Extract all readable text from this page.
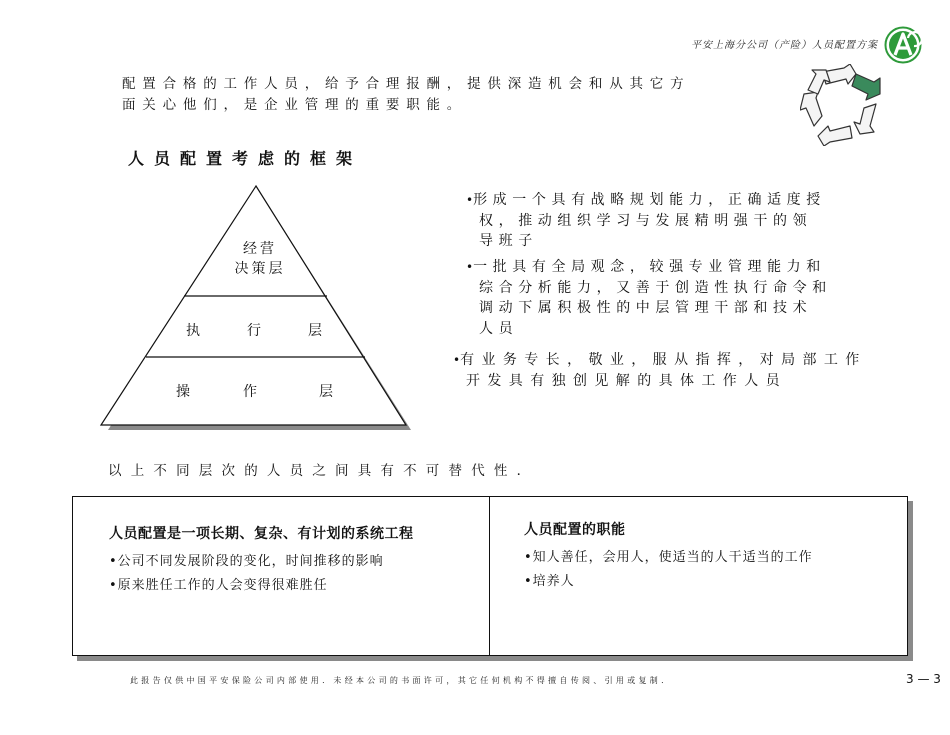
平安上海分公司（产险）人员配置方案
配置合格的工作人员，给予合理报酬，提供深造机会和从其它方
面关心他们，是企业管理的重要职能。
人员配置考虑的框架
经营
决策层
执	行	层
操	作	层
•形成一个具有战略规划能力，正确适度授
权，推动组织学习与发展精明强干的领
导班子
•一批具有全局观念，较强专业管理能力和
综合分析能力，又善于创造性执行命令和
调动下属积极性的中层管理干部和技术
人员
•有业务专长，敬业，服从指挥，对局部工作
开发具有独创见解的具体工作人员
以上不同层次的人员之间具有不可替代性．
人员配置是一项长期、复杂、有计划的系统工程
•公司不同发展阶段的变化，时间推移的影响
•原来胜任工作的人会变得很难胜任
人员配置的职能
•知人善任，会用人，使适当的人干适当的工作
•培养人
此报告仅供中国平安保险公司内部使用．未经本公司的书面许可，其它任何机构不得擅自传阅、引用或复制．	3 — 3
